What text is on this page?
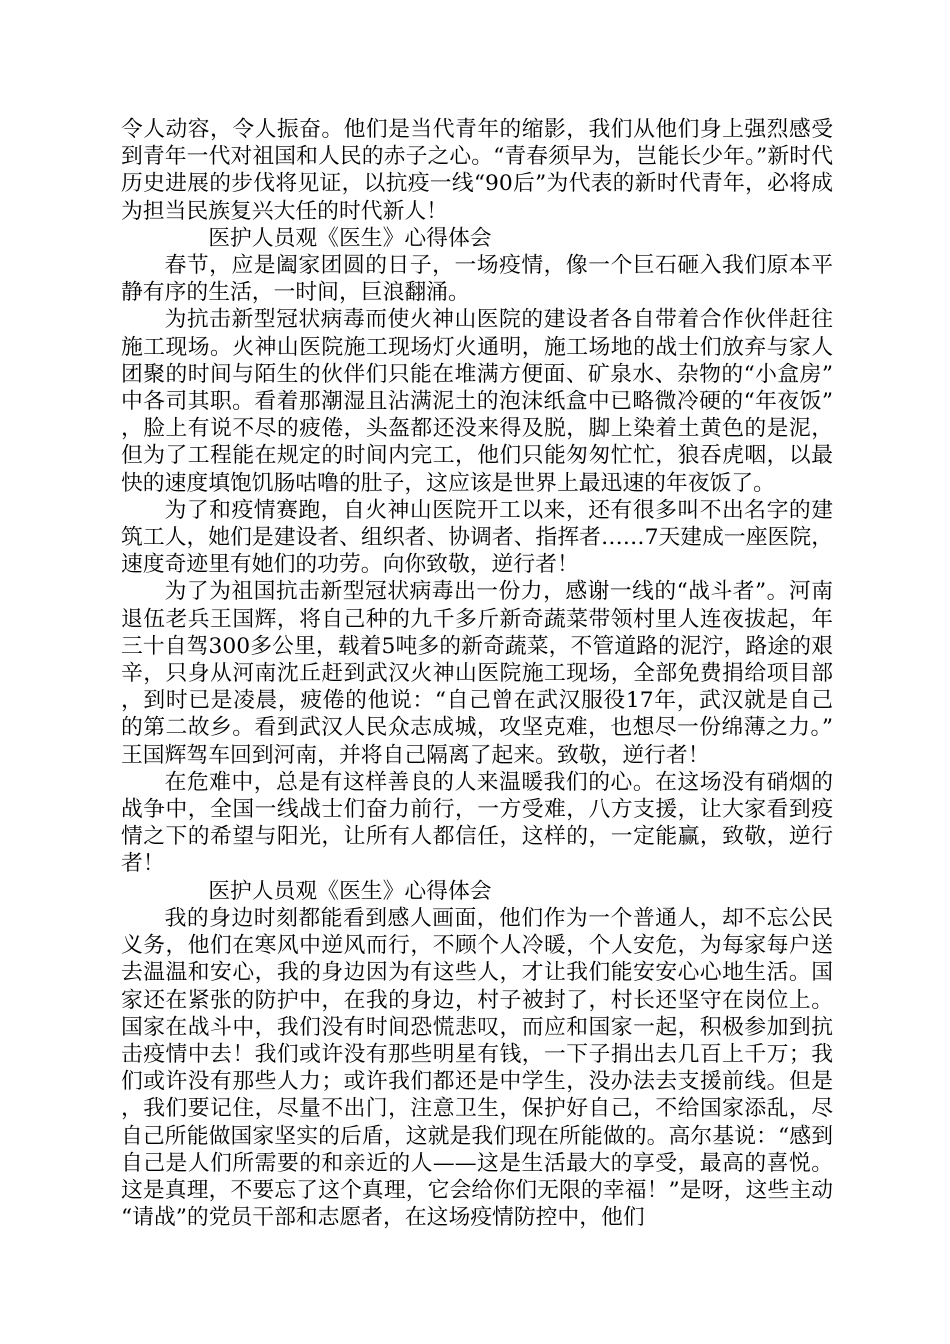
令人动容，令人振奋。他们是当代青年的缩影，我们从他们身上强烈感受到青年一代对祖国和人民的赤子之心。“青春须早为，岂能长少年。”新时代历史进展的步伐将见证，以抗疫一线“90后”为代表的新时代青年，必将成为担当民族复兴大任的时代新人！

医护人员观《医生》心得体会

春节，应是阖家团圆的日子，一场疫情，像一个巨石砸入我们原本平静有序的生活，一时间，巨浪翻涌。

为抗击新型冠状病毒而使火神山医院的建设者各自带着合作伙伴赶往施工现场。火神山医院施工现场灯火通明，施工场地的战士们放弃与家人团聚的时间与陌生的伙伴们只能在堆满方便面、矿泉水、杂物的“小盒房”中各司其职。看着那潮湿且沾满泥土的泡沫纸盒中已略微冷硬的“年夜饭”，脸上有说不尽的疲倦，头盔都还没来得及脱，脚上染着土黄色的是泥，但为了工程能在规定的时间内完工，他们只能匆匆忙忙，狼吞虎咽，以最快的速度填饱饥肠咕噜的肚子，这应该是世界上最迅速的年夜饭了。

为了和疫情赛跑，自火神山医院开工以来，还有很多叫不出名字的建筑工人，她们是建设者、组织者、协调者、指挥者……7天建成一座医院，速度奇迹里有她们的功劳。向你致敬，逆行者！

为了为祖国抗击新型冠状病毒出一份力，感谢一线的“战斗者”。河南退伍老兵王国辉，将自己种的九千多斤新奇蔬菜带领村里人连夜拔起，年三十自驾300多公里，载着5吨多的新奇蔬菜，不管道路的泥泞，路途的艰辛，只身从河南沈丘赶到武汉火神山医院施工现场，全部免费捐给项目部，到时已是凌晨，疲倦的他说：“自己曾在武汉服役17年，武汉就是自己的第二故乡。看到武汉人民众志成城，攻坚克难，也想尽一份绵薄之力。”王国辉驾车回到河南，并将自己隔离了起来。致敬，逆行者！

在危难中，总是有这样善良的人来温暖我们的心。在这场没有硝烟的战争中，全国一线战士们奋力前行，一方受难，八方支援，让大家看到疫情之下的希望与阳光，让所有人都信任，这样的，一定能赢，致敬，逆行者！

医护人员观《医生》心得体会

我的身边时刻都能看到感人画面，他们作为一个普通人，却不忘公民义务，他们在寒风中逆风而行，不顾个人冷暖，个人安危，为每家每户送去温温和安心，我的身边因为有这些人，才让我们能安安心心地生活。国家还在紧张的防护中，在我的身边，村子被封了，村长还坚守在岗位上。国家在战斗中，我们没有时间恐慌悲叹，而应和国家一起，积极参加到抗击疫情中去！我们或许没有那些明星有钱，一下子捐出去几百上千万；我们或许没有那些人力；或许我们都还是中学生，没办法去支援前线。但是，我们要记住，尽量不出门，注意卫生，保护好自己，不给国家添乱，尽自己所能做国家坚实的后盾，这就是我们现在所能做的。高尔基说：“感到自己是人们所需要的和亲近的人——这是生活最大的享受，最高的喜悦。这是真理，不要忘了这个真理，它会给你们无限的幸福！”是呀，这些主动“请战”的党员干部和志愿者，在这场疫情防控中，他们
